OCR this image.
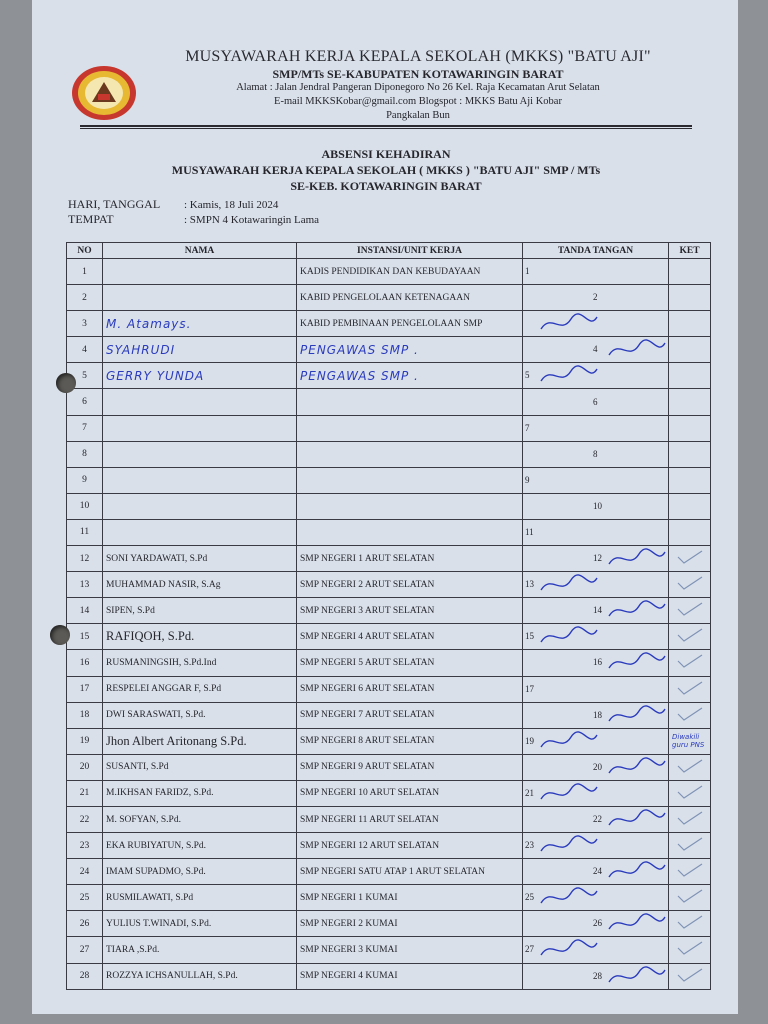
MUSYAWARAH KERJA KEPALA SEKOLAH (MKKS) "BATU AJI"
SMP/MTs SE-KABUPATEN KOTAWARINGIN BARAT
Alamat : Jalan Jendral Pangeran Diponegoro No 26 Kel. Raja Kecamatan Arut Selatan
E-mail MKKSKobar@gmail.com Blogspot : MKKS Batu Aji Kobar
Pangkalan Bun
ABSENSI KEHADIRAN
MUSYAWARAH KERJA KEPALA SEKOLAH ( MKKS ) "BATU AJI" SMP / MTs
SE-KEB. KOTAWARINGIN BARAT
HARI, TANGGAL : Kamis, 18 Juli 2024
TEMPAT	: SMPN 4 Kotawaringin Lama
NO	NAMA	INSTANSI/UNIT KERJA	TANDA TANGAN	KET
1		KADIS PENDIDIKAN DAN KEBUDAYAAN	1	

2		KABID PENGELOLAAN KETENAGAAN	2	

3	M. Atamays.	KABID PEMBINAAN PENGELOLAAN SMP	

4	SYAHRUDI	PENGAWAS SMP .	4	

5	GERRY YUNDA	PENGAWAS SMP .	5	

6			6	

7			7	

8			8	

9			9	

10			10	

11			11	

12	SONI YARDAWATI, S.Pd	SMP NEGERI 1 ARUT SELATAN	12

13	MUHAMMAD NASIR, S.Ag	SMP NEGERI 2 ARUT SELATAN	13

14	SIPEN, S.Pd	SMP NEGERI 3 ARUT SELATAN	14

15	RAFIQOH, S.Pd.	SMP NEGERI 4 ARUT SELATAN	15

16	RUSMANINGSIH, S.Pd.Ind	SMP NEGERI 5 ARUT SELATAN	16

17	RESPELEI ANGGAR F, S.Pd	SMP NEGERI 6 ARUT SELATAN	17

18	DWI SARASWATI, S.Pd.	SMP NEGERI 7 ARUT SELATAN	18

19	Jhon Albert Aritonang S.Pd.	SMP NEGERI 8 ARUT SELATAN	19	Diwakili guru PNS

20	SUSANTI, S.Pd	SMP NEGERI 9 ARUT SELATAN	20

21	M.IKHSAN FARIDZ, S.Pd.	SMP NEGERI 10 ARUT SELATAN	21

22	M. SOFYAN, S.Pd.	SMP NEGERI 11 ARUT SELATAN	22

23	EKA RUBIYATUN, S.Pd.	SMP NEGERI 12 ARUT SELATAN	23

24	IMAM SUPADMO, S.Pd.	SMP NEGERI SATU ATAP 1 ARUT SELATAN	24

25	RUSMILAWATI, S.Pd	SMP NEGERI 1 KUMAI	25

26	YULIUS T.WINADI, S.Pd.	SMP NEGERI 2 KUMAI	26

27	TIARA ,S.Pd.	SMP NEGERI 3 KUMAI	27

28	ROZZYA ICHSANULLAH, S.Pd.	SMP NEGERI 4 KUMAI	28
